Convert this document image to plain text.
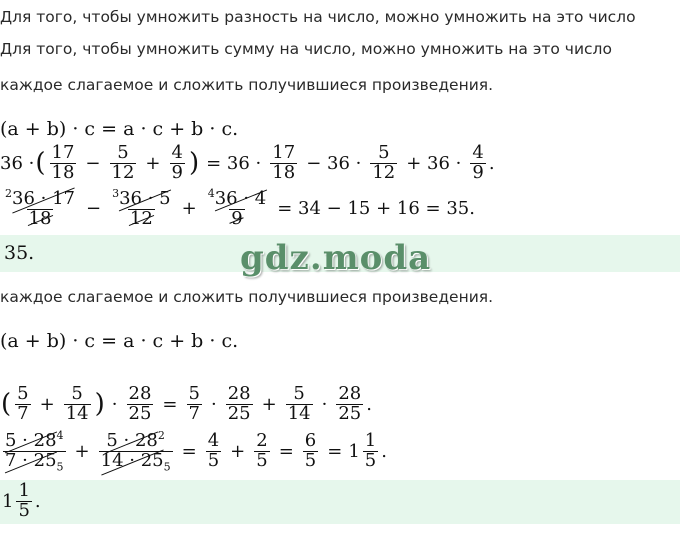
Для того, чтобы умножить разность на число, можно умножить на это число
Для того, чтобы умножить сумму на число, можно умножить на это число
каждое слагаемое и сложить получившиеся произведения.
(a + b) · c = a · c + b · c.
36 · ( $\frac{17}{18} - \frac{5}{12} + \frac{4}{9}$ ) = $36 \cdot \frac{17}{18} - 36 \cdot \frac{5}{12} + 36 \cdot \frac{4}{9}$ .
$\frac{^236 \cdot 17}{18} - \frac{^336 \cdot 5}{12} + \frac{^436 \cdot 4}{9} = 34 - 15 + 16 = 35$.
35.	gdz.moda
каждое слагаемое и сложить получившиеся произведения.
(a + b) · c = a · c + b · c.
( $\frac{5}{7} + \frac{5}{14}$ ) · $\frac{28}{25} = \frac{5}{7} \cdot \frac{28}{25} + \frac{5}{14} \cdot \frac{28}{25}$ .
$\frac{5 \cdot 28^4}{7 \cdot 25_5} + \frac{5 \cdot 28^2}{14 \cdot 25_5} = \frac{4}{5} + \frac{2}{5} = \frac{6}{5} = 1 \frac{1}{5}$ .
$1 \frac{1}{5}$ .
